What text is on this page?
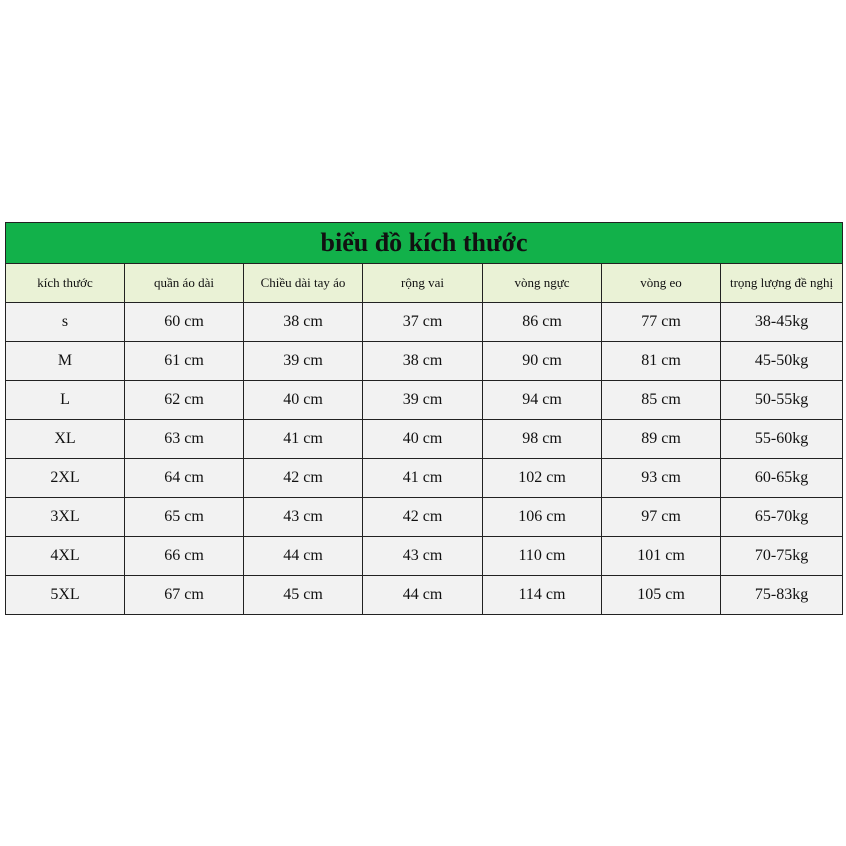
biểu đồ kích thước						
kích thước	quần áo dài	Chiều dài tay áo	rộng vai	vòng ngực	vòng eo	trọng lượng đề nghị
s	60 cm	38 cm	37 cm	86 cm	77 cm	38-45kg
M	61 cm	39 cm	38 cm	90 cm	81 cm	45-50kg
L	62 cm	40 cm	39 cm	94 cm	85 cm	50-55kg
XL	63 cm	41 cm	40 cm	98 cm	89 cm	55-60kg
2XL	64 cm	42 cm	41 cm	102 cm	93 cm	60-65kg
3XL	65 cm	43 cm	42 cm	106 cm	97 cm	65-70kg
4XL	66 cm	44 cm	43 cm	110 cm	101 cm	70-75kg
5XL	67 cm	45 cm	44 cm	114 cm	105 cm	75-83kg
